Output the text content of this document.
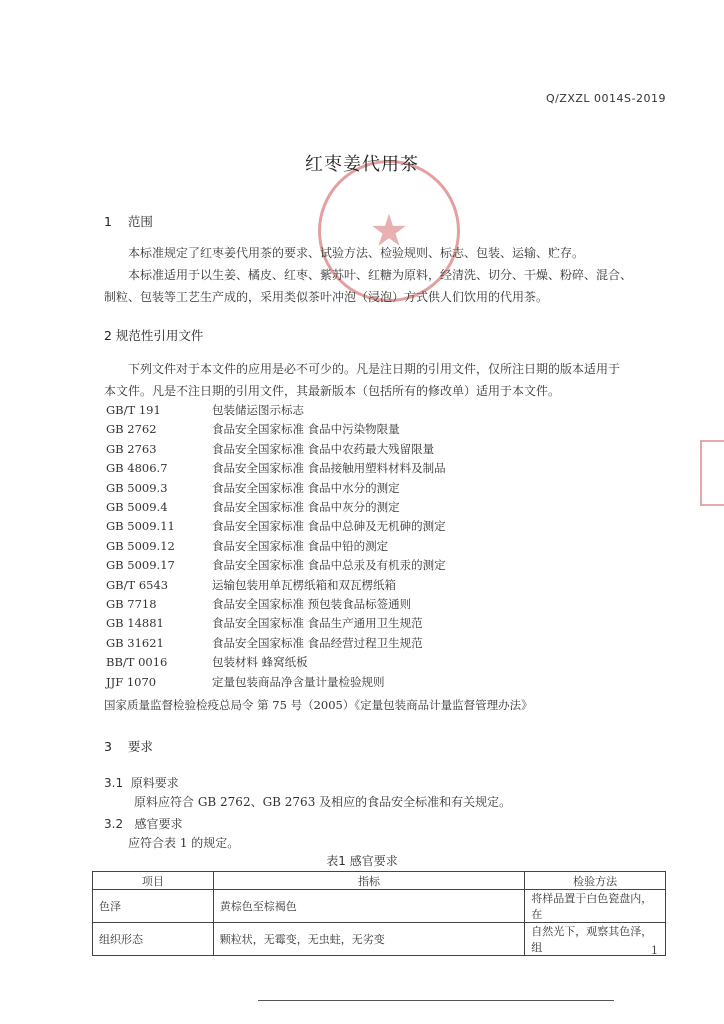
★
Q/ZXZL 0014S-2019
红枣姜代用茶
1 范围
本标准规定了红枣姜代用茶的要求、试验方法、检验规则、标志、包装、运输、贮存。
本标准适用于以生姜、橘皮、红枣、紫苏叶、红糖为原料，经清洗、切分、干燥、粉碎、混合、
制粒、包装等工艺生产成的，采用类似茶叶冲泡（浸泡）方式供人们饮用的代用茶。
2 规范性引用文件
下列文件对于本文件的应用是必不可少的。凡是注日期的引用文件，仅所注日期的版本适用于
本文件。凡是不注日期的引用文件，其最新版本（包括所有的修改单）适用于本文件。
GB/T 191	包装储运图示标志
GB 2762	食品安全国家标准 食品中污染物限量
GB 2763	食品安全国家标准 食品中农药最大残留限量
GB 4806.7	食品安全国家标准 食品接触用塑料材料及制品
GB 5009.3	食品安全国家标准 食品中水分的测定
GB 5009.4	食品安全国家标准 食品中灰分的测定
GB 5009.11	食品安全国家标准 食品中总砷及无机砷的测定
GB 5009.12	食品安全国家标准 食品中铅的测定
GB 5009.17	食品安全国家标准 食品中总汞及有机汞的测定
GB/T 6543	运输包装用单瓦楞纸箱和双瓦楞纸箱
GB 7718	食品安全国家标准 预包装食品标签通则
GB 14881	食品安全国家标准 食品生产通用卫生规范
GB 31621	食品安全国家标准 食品经营过程卫生规范
BB/T 0016	包装材料 蜂窝纸板
JJF 1070	定量包装商品净含量计量检验规则
国家质量监督检验检疫总局令 第 75 号（2005）《定量包装商品计量监督管理办法》
3 要求
3.1 原料要求
原料应符合 GB 2762、GB 2763 及相应的食品安全标准和有关规定。
3.2 感官要求
应符合表 1 的规定。
表1 感官要求
项目	指标	检验方法
色泽	黄棕色至棕褐色	将样品置于白色瓷盘内，在
组织形态	颗粒状，无霉变，无虫蛀，无劣变	自然光下，观察其色泽，组	1
